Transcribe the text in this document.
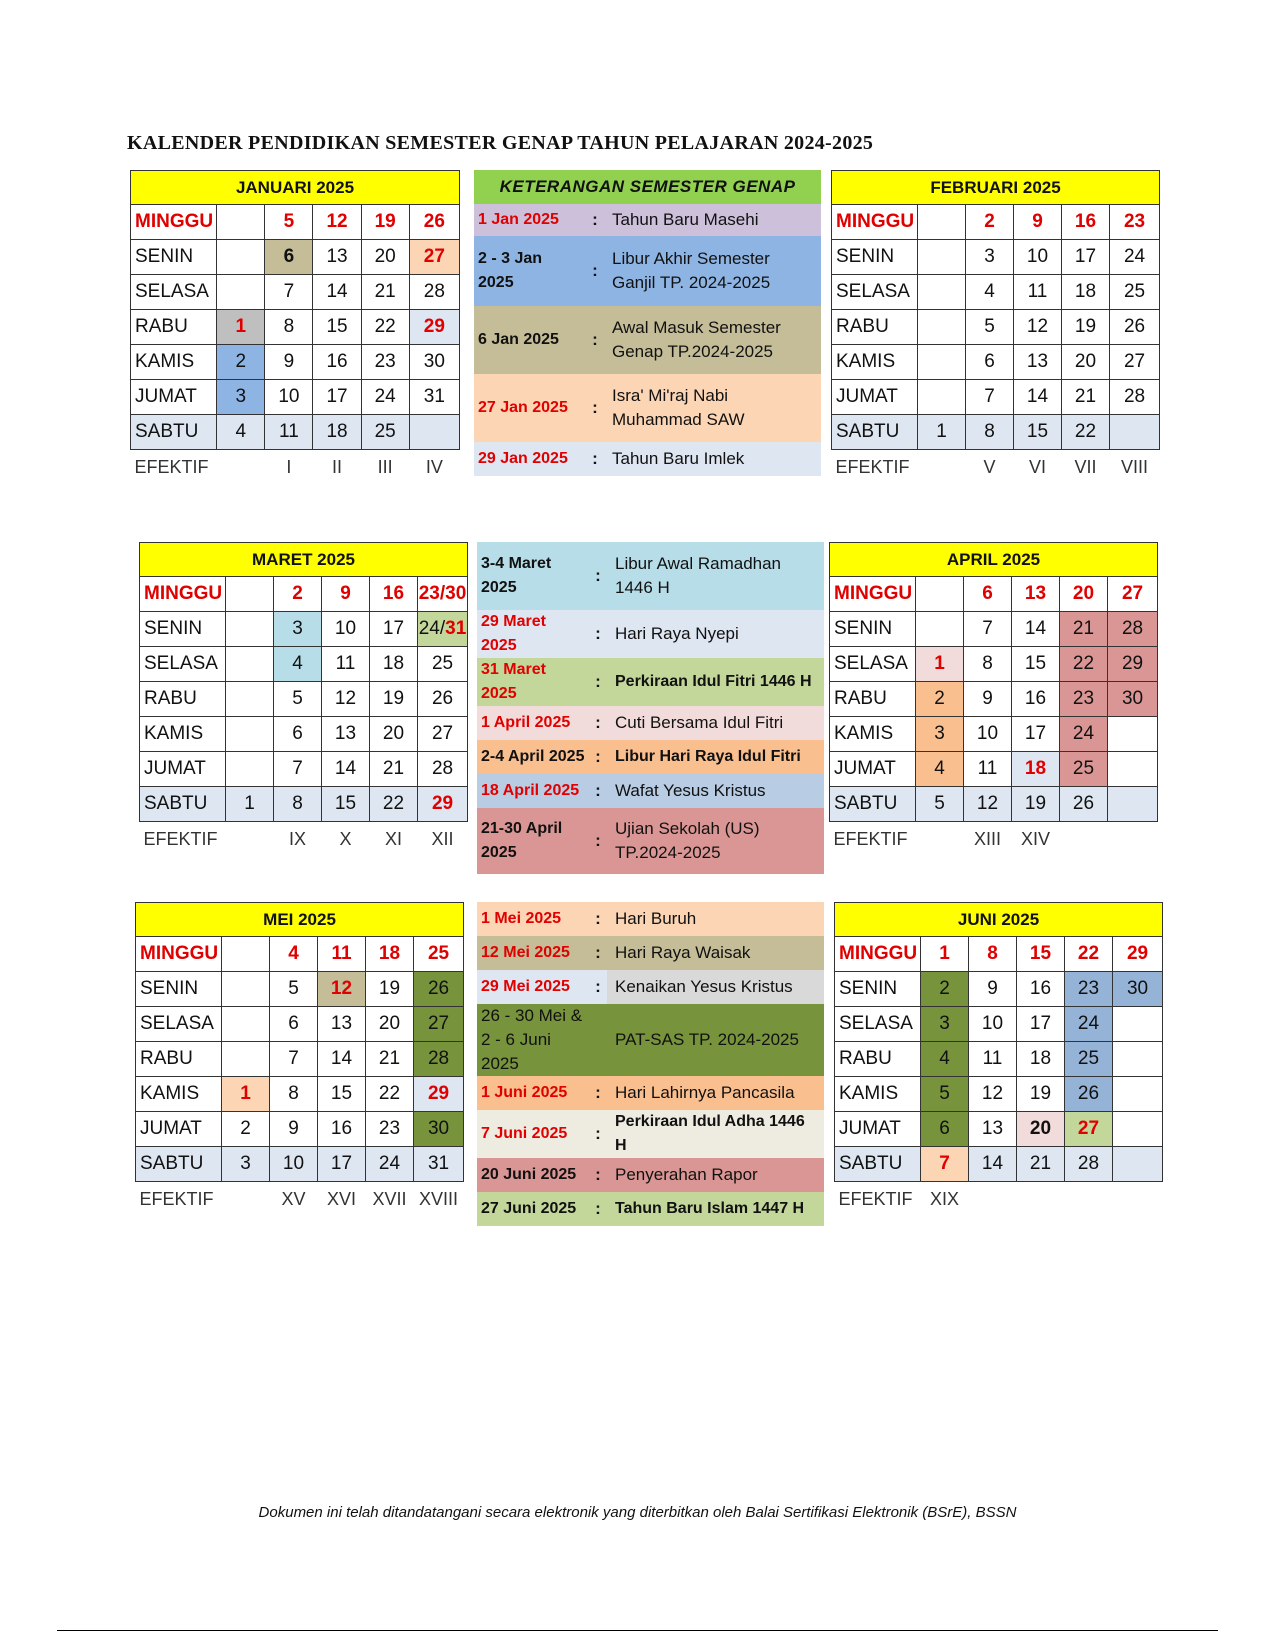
KALENDER PENDIDIKAN SEMESTER GENAP TAHUN PELAJARAN 2024-2025
JANUARI 2025					
MINGGU		5	12	19	26
SENIN		6	13	20	27
SELASA		7	14	21	28
RABU	1	8	15	22	29
KAMIS	2	9	16	23	30
JUMAT	3	10	17	24	31
SABTU	4	11	18	25	
EFEKTIF		I	II	III	IV
FEBRUARI 2025					
MINGGU		2	9	16	23
SENIN		3	10	17	24
SELASA		4	11	18	25
RABU		5	12	19	26
KAMIS		6	13	20	27
JUMAT		7	14	21	28
SABTU	1	8	15	22	
EFEKTIF		V	VI	VII	VIII
MARET 2025					
MINGGU		2	9	16	23/30
SENIN		3	10	17	24/31
SELASA		4	11	18	25
RABU		5	12	19	26
KAMIS		6	13	20	27
JUMAT		7	14	21	28
SABTU	1	8	15	22	29
EFEKTIF		IX	X	XI	XII
APRIL 2025					
MINGGU		6	13	20	27
SENIN		7	14	21	28
SELASA	1	8	15	22	29
RABU	2	9	16	23	30
KAMIS	3	10	17	24	
JUMAT	4	11	18	25	
SABTU	5	12	19	26	
EFEKTIF		XIII	XIV		
MEI 2025					
MINGGU		4	11	18	25
SENIN		5	12	19	26
SELASA		6	13	20	27
RABU		7	14	21	28
KAMIS	1	8	15	22	29
JUMAT	2	9	16	23	30
SABTU	3	10	17	24	31
EFEKTIF		XV	XVI	XVII	XVIII
JUNI 2025					
MINGGU	1	8	15	22	29
SENIN	2	9	16	23	30
SELASA	3	10	17	24	
RABU	4	11	18	25	
KAMIS	5	12	19	26	
JUMAT	6	13	20	27	
SABTU	7	14	21	28	
EFEKTIF	XIX				
KETERANGAN SEMESTER GENAP		
1 Jan 2025	:	Tahun Baru Masehi
2 - 3 Jan 2025	:	Libur Akhir Semester Ganjil TP. 2024-2025
6 Jan 2025	:	Awal Masuk Semester Genap TP.2024-2025
27 Jan 2025	:	Isra' Mi'raj Nabi Muhammad SAW
29 Jan 2025	:	Tahun Baru Imlek
3-4 Maret 2025	:	Libur Awal Ramadhan 1446 H
29 Maret 2025	:	Hari Raya Nyepi
31 Maret 2025	:	Perkiraan Idul Fitri 1446 H
1 April 2025	:	Cuti Bersama Idul Fitri
2-4 April 2025	:	Libur Hari Raya Idul Fitri
18 April 2025	:	Wafat Yesus Kristus
21-30 April 2025	:	Ujian Sekolah (US) TP.2024-2025
1 Mei 2025	:	Hari Buruh
12 Mei 2025	:	Hari Raya Waisak
29 Mei 2025	:	Kenaikan Yesus Kristus
26 - 30 Mei & 2 - 6 Juni 2025		PAT-SAS TP. 2024-2025
1 Juni 2025	:	Hari Lahirnya Pancasila
7 Juni 2025	:	Perkiraan Idul Adha 1446 H
20 Juni 2025	:	Penyerahan Rapor
27 Juni 2025	:	Tahun Baru Islam 1447 H
Dokumen ini telah ditandatangani secara elektronik yang diterbitkan oleh Balai Sertifikasi Elektronik (BSrE), BSSN
